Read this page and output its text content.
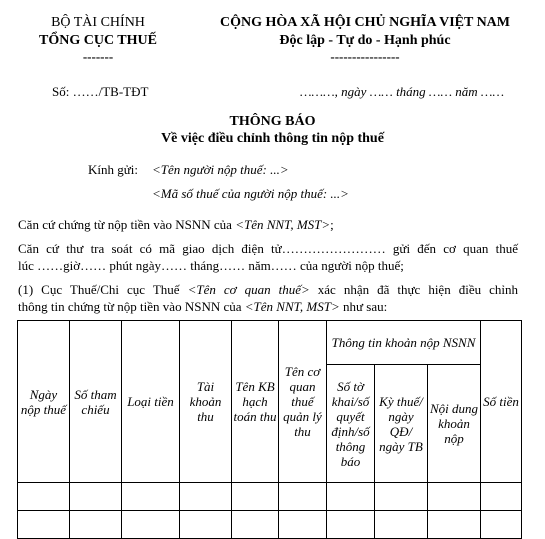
BỘ TÀI CHÍNH
TỔNG CỤC THUẾ
-------
CỘNG HÒA XÃ HỘI CHỦ NGHĨA VIỆT NAM
Độc lập - Tự do - Hạnh phúc
----------------
Số: ……/TB-TĐT	………, ngày …… tháng …… năm ……
THÔNG BÁO
Về việc điều chỉnh thông tin nộp thuế
Kính gửi: <Tên người nộp thuế: ...>
<Mã số thuế của người nộp thuế: ...>
Căn cứ chứng từ nộp tiền vào NSNN của <Tên NNT, MST>;
Căn cứ thư tra soát có mã giao dịch điện tử…………………… gửi đến cơ quan thuế
lúc ……giờ…… phút ngày…… tháng…… năm…… của người nộp thuế;
(1) Cục Thuế/Chi cục Thuế <Tên cơ quan thuế> xác nhận đã thực hiện điều chỉnh
thông tin chứng từ nộp tiền vào NSNN của <Tên NNT, MST> như sau:
Ngày nộp thuế	Số tham chiếu	Loại tiền	Tài khoản thu	Tên KB hạch toán thu	Tên cơ quan thuế quản lý thu	Thông tin khoản nộp NSNN			Số tiền
						Số tờ khai/số quyết định/số thông báo	Kỳ thuế/ ngày QĐ/ ngày TB	Nội dung khoản nộp	
